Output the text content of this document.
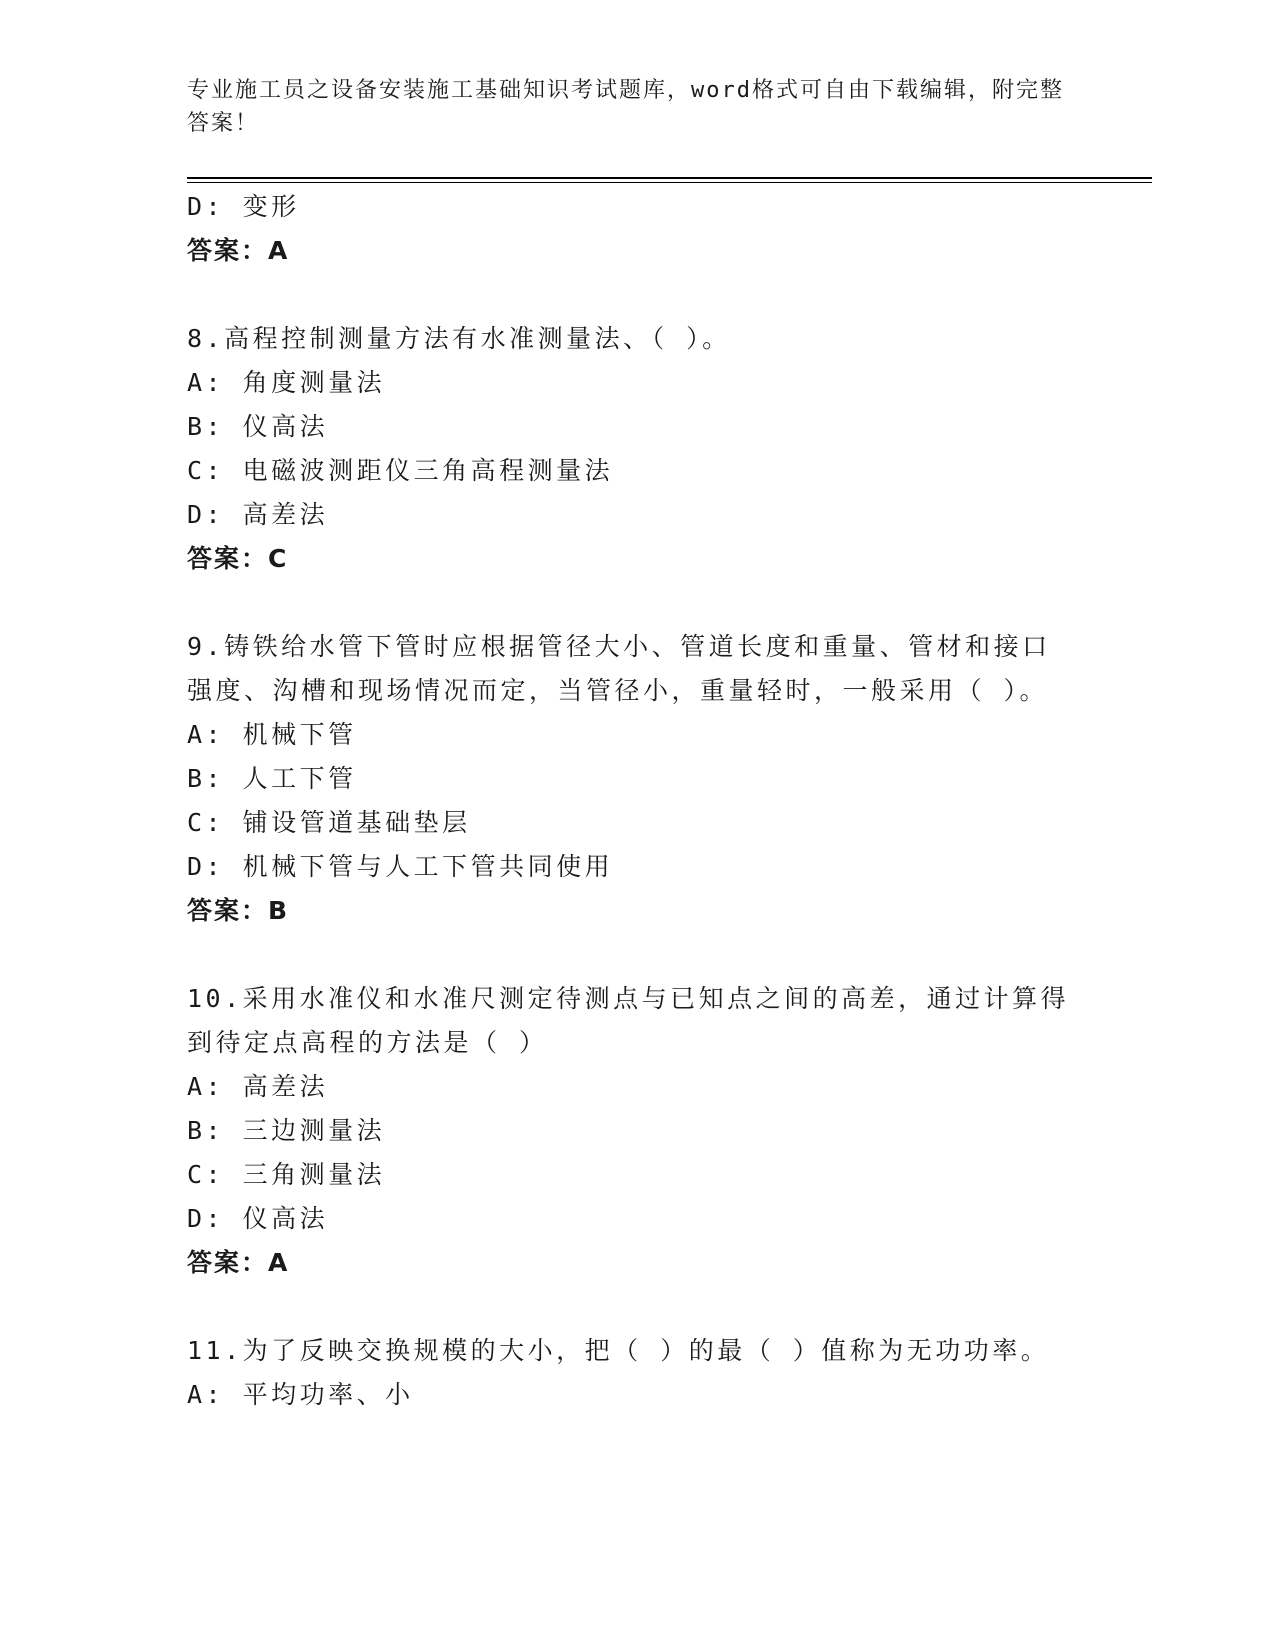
专业施工员之设备安装施工基础知识考试题库，word格式可自由下载编辑，附完整答案！
D: 变形
答案：A
8.高程控制测量方法有水准测量法、（ ）。
A: 角度测量法
B: 仪高法
C: 电磁波测距仪三角高程测量法
D: 高差法
答案：C
9.铸铁给水管下管时应根据管径大小、管道长度和重量、管材和接口
强度、沟槽和现场情况而定，当管径小，重量轻时，一般采用（ ）。
A: 机械下管
B: 人工下管
C: 铺设管道基础垫层
D: 机械下管与人工下管共同使用
答案：B
10.采用水准仪和水准尺测定待测点与已知点之间的高差，通过计算得
到待定点高程的方法是（ ）
A: 高差法
B: 三边测量法
C: 三角测量法
D: 仪高法
答案：A
11.为了反映交换规模的大小，把（ ）的最（ ）值称为无功功率。
A: 平均功率、小
